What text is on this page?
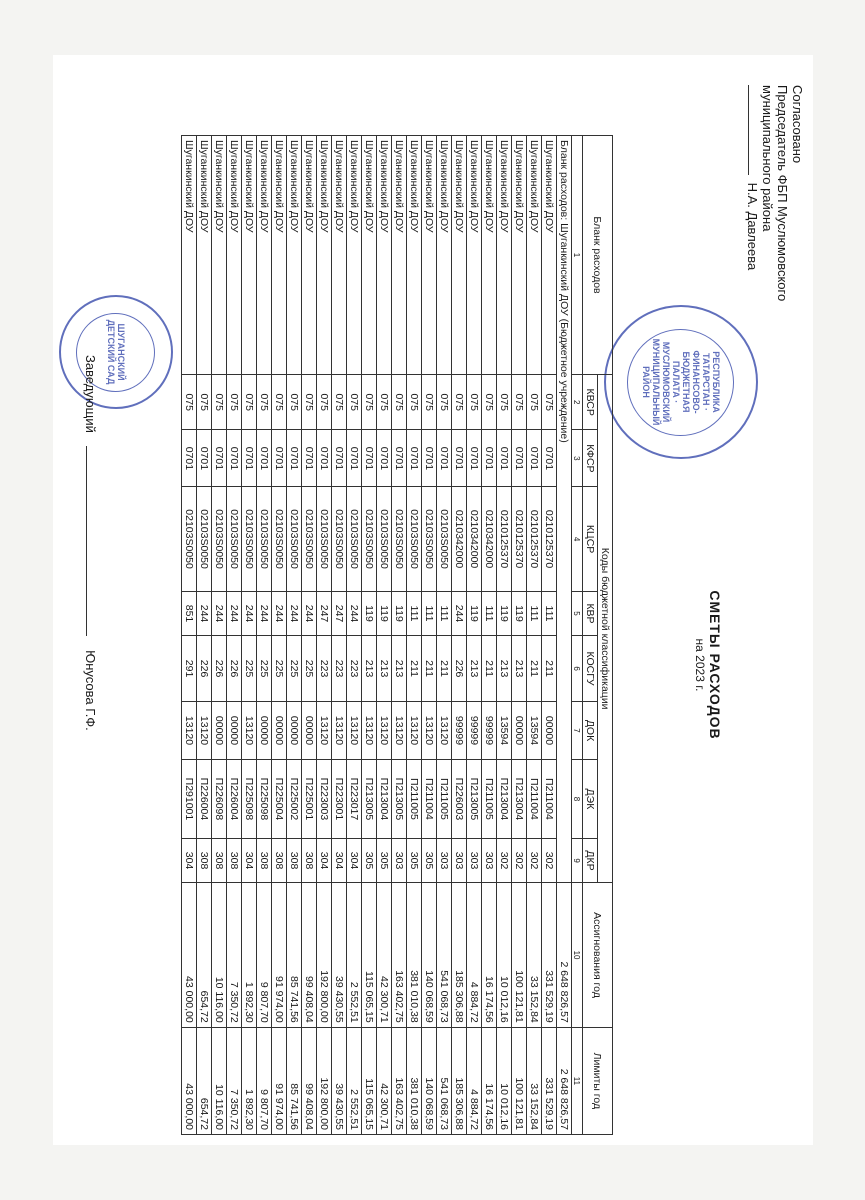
Согласовано
Председатель ФБП Муслюмовского
муниципального района
Н.А. Давлеева
РЕСПУБЛИКА ТАТАРСТАН · ФИНАНСОВО-БЮДЖЕТНАЯ ПАЛАТА · МУСЛЮМОВСКИЙ МУНИЦИПАЛЬНЫЙ РАЙОН
СМЕТЫ РАСХОДОВ
на 2023 г.
Бланк расходов	Коды бюджетной классификации								Ассигнования год	Лимиты год
	КВСР	КФСР	КЦСР	КВР	КОСГУ	ДОК	ДЭК	ДКР		
1	2	3	4	5	6	7	8	9	10	11
Бланк расходов: Шуганкинский ДОУ (Бюджетное учреждение)									2 648 826,57	2 648 826,57
Шуганкинский ДОУ	075	0701	0210125370	111	211	00000	П211004	302	331 529,19	331 529,19
Шуганкинский ДОУ	075	0701	0210125370	111	211	13594	П211004	302	33 152,84	33 152,84
Шуганкинский ДОУ	075	0701	0210125370	119	213	00000	П213004	302	100 121,81	100 121,81
Шуганкинский ДОУ	075	0701	0210125370	119	213	13594	П213004	302	10 012,16	10 012,16
Шуганкинский ДОУ	075	0701	0210342000	111	211	99999	П211005	303	16 174,56	16 174,56
Шуганкинский ДОУ	075	0701	0210342000	119	213	99999	П213005	303	4 884,72	4 884,72
Шуганкинский ДОУ	075	0701	0210342000	244	226	99999	П226003	303	185 306,88	185 306,88
Шуганкинский ДОУ	075	0701	02103S0050	111	211	13120	П211005	303	541 068,73	541 068,73
Шуганкинский ДОУ	075	0701	02103S0050	111	211	13120	П211004	305	140 068,59	140 068,59
Шуганкинский ДОУ	075	0701	02103S0050	111	211	13120	П211005	305	381 010,38	381 010,38
Шуганкинский ДОУ	075	0701	02103S0050	119	213	13120	П213005	303	163 402,75	163 402,75
Шуганкинский ДОУ	075	0701	02103S0050	119	213	13120	П213004	305	42 300,71	42 300,71
Шуганкинский ДОУ	075	0701	02103S0050	119	213	13120	П213005	305	115 065,15	115 065,15
Шуганкинский ДОУ	075	0701	02103S0050	244	223	13120	П223017	304	2 552,51	2 552,51
Шуганкинский ДОУ	075	0701	02103S0050	247	223	13120	П223001	304	39 430,55	39 430,55
Шуганкинский ДОУ	075	0701	02103S0050	247	223	13120	П223003	304	192 800,00	192 800,00
Шуганкинский ДОУ	075	0701	02103S0050	244	225	00000	П225001	308	99 408,04	99 408,04
Шуганкинский ДОУ	075	0701	02103S0050	244	225	00000	П225002	308	85 741,56	85 741,56
Шуганкинский ДОУ	075	0701	02103S0050	244	225	00000	П225004	308	91 974,00	91 974,00
Шуганкинский ДОУ	075	0701	02103S0050	244	225	00000	П225098	308	9 807,70	9 807,70
Шуганкинский ДОУ	075	0701	02103S0050	244	225	13120	П225098	304	1 892,30	1 892,30
Шуганкинский ДОУ	075	0701	02103S0050	244	226	00000	П226004	308	7 350,72	7 350,72
Шуганкинский ДОУ	075	0701	02103S0050	244	226	00000	П226098	308	10 116,00	10 116,00
Шуганкинский ДОУ	075	0701	02103S0050	244	226	13120	П226004	308	654,72	654,72
Шуганкинский ДОУ	075	0701	02103S0050	851	291	13120	П291001	304	43 000,00	43 000,00
ШУГАНСКИЙ ДЕТСКИЙ САД
Заведующий  Юнусова Г.Ф.
